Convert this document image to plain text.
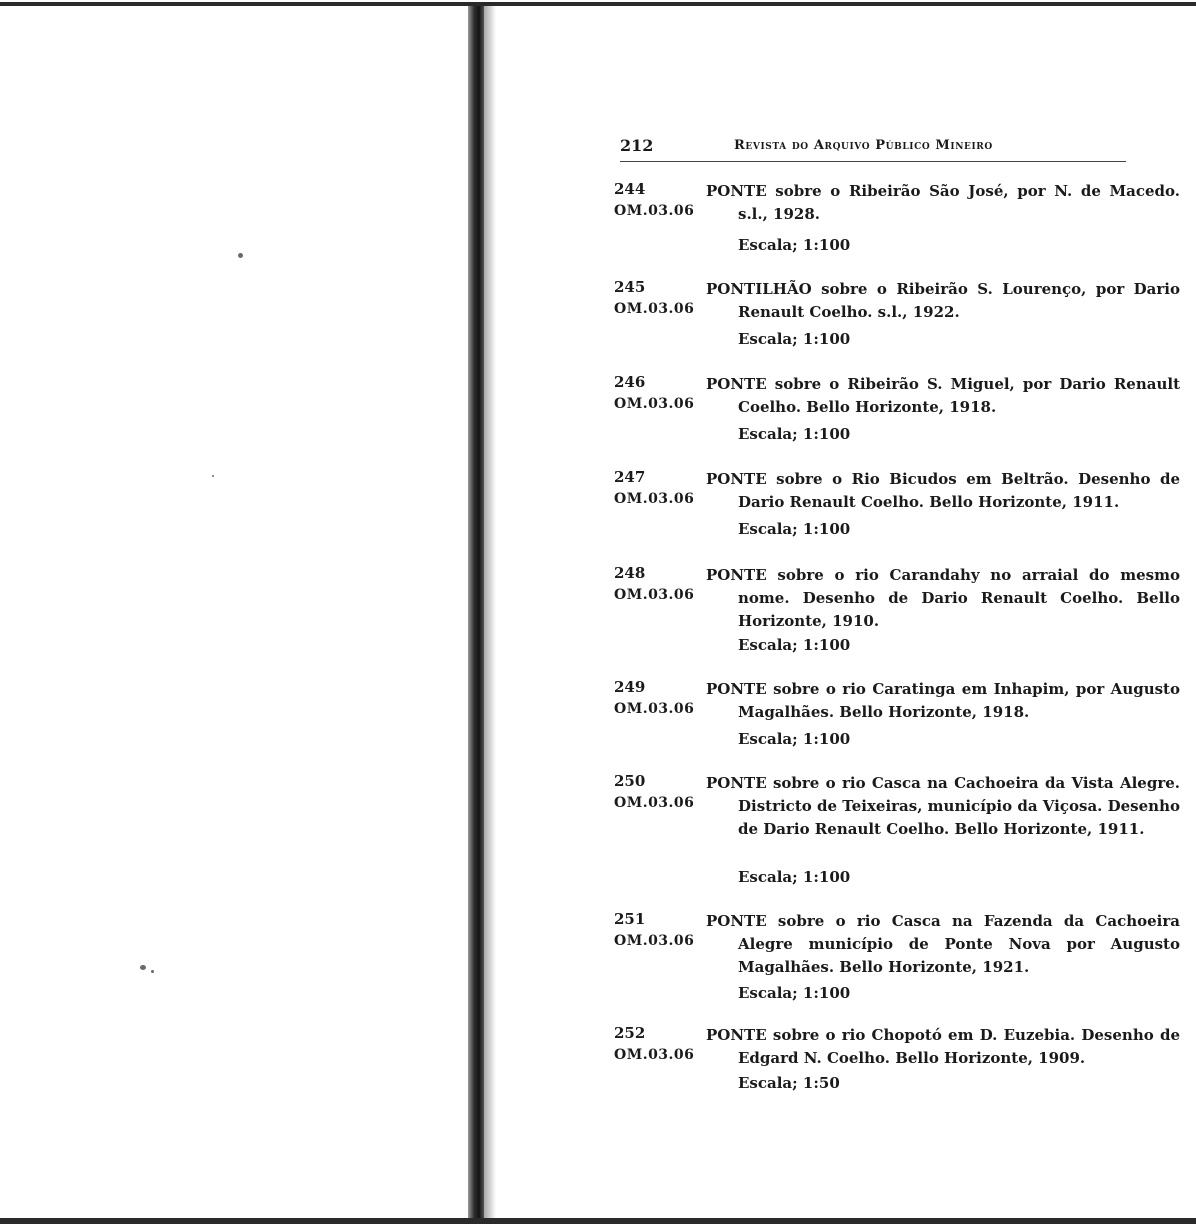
212	Revista do Arquivo Público Mineiro
244
OM.03.06
PONTE sobre o Ribeirão São José, por N. de Macedo. s.l., 1928.
Escala; 1:100
245
OM.03.06
PONTILHÃO sobre o Ribeirão S. Lourenço, por Dario Renault Coelho. s.l., 1922.
Escala; 1:100
246
OM.03.06
PONTE sobre o Ribeirão S. Miguel, por Dario Renault Coelho. Bello Horizonte, 1918.
Escala; 1:100
247
OM.03.06
PONTE sobre o Rio Bicudos em Beltrão. Desenho de Dario Renault Coelho. Bello Horizonte, 1911.
Escala; 1:100
248
OM.03.06
PONTE sobre o rio Carandahy no arraial do mesmo nome. Desenho de Dario Renault Coelho. Bello Horizonte, 1910.
Escala; 1:100
249
OM.03.06
PONTE sobre o rio Caratinga em Inhapim, por Augusto Magalhães. Bello Horizonte, 1918.
Escala; 1:100
250
OM.03.06
PONTE sobre o rio Casca na Cachoeira da Vista Alegre. Districto de Teixeiras, município da Viçosa. Desenho de Dario Renault Coelho. Bello Horizonte, 1911.
Escala; 1:100
251
OM.03.06
PONTE sobre o rio Casca na Fazenda da Cachoeira Alegre município de Ponte Nova por Augusto Magalhães. Bello Horizonte, 1921.
Escala; 1:100
252
OM.03.06
PONTE sobre o rio Chopotó em D. Euzebia. Desenho de Edgard N. Coelho. Bello Horizonte, 1909.
Escala; 1:50
